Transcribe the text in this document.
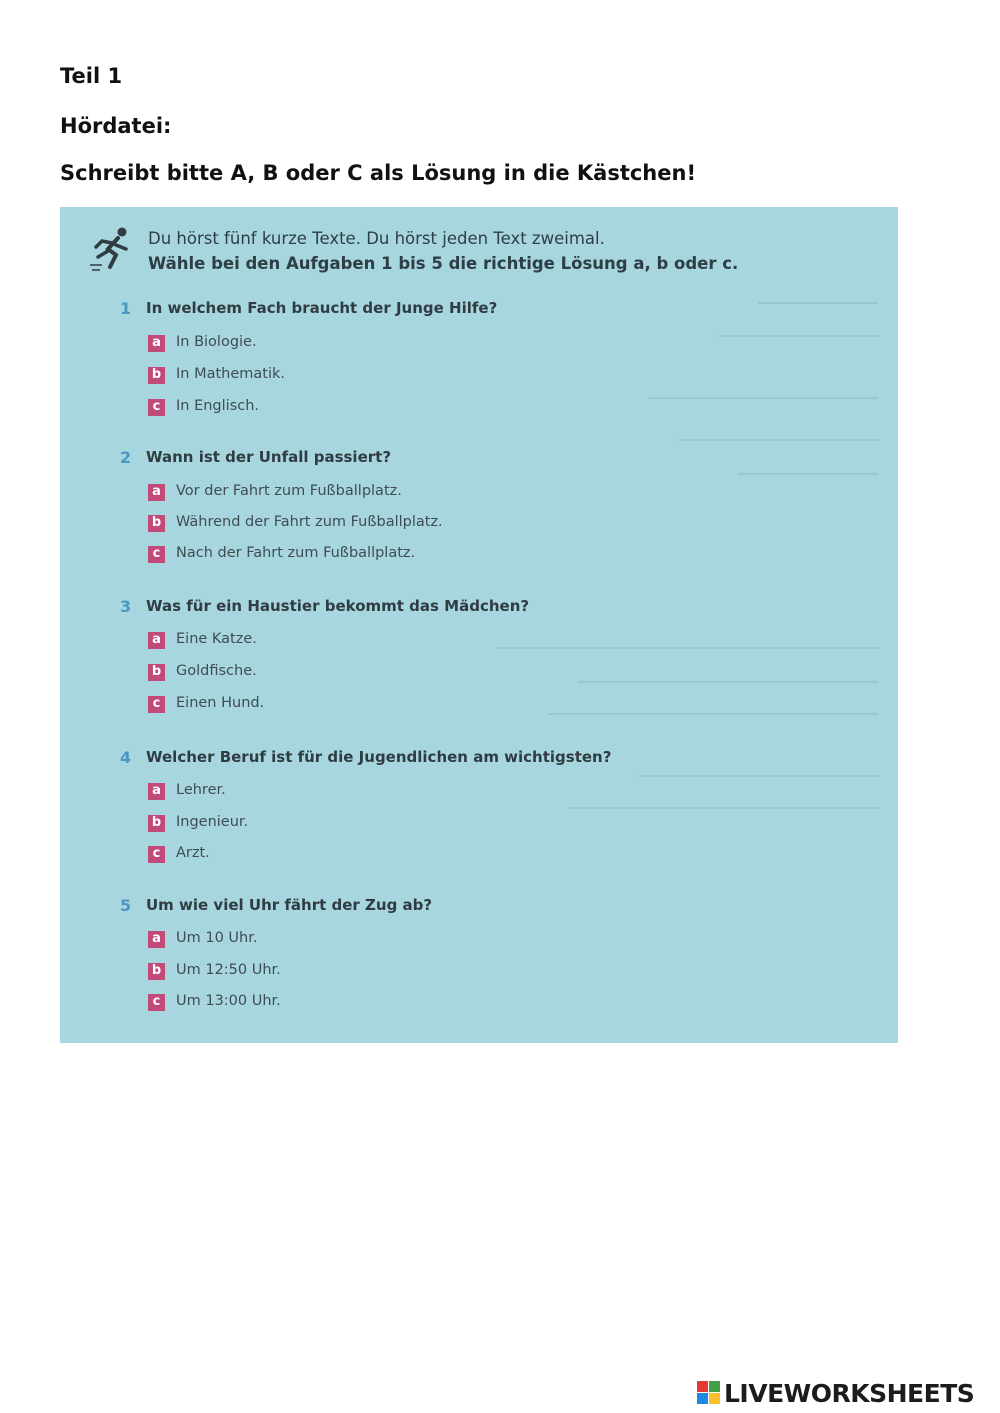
Teil 1
Hördatei:
Schreibt bitte A, B oder C als Lösung in die Kästchen!
Du hörst fünf kurze Texte. Du hörst jeden Text zweimal.
Wähle bei den Aufgaben 1 bis 5 die richtige Lösung a, b oder c.
1 In welchem Fach braucht der Junge Hilfe?
a In Biologie.
b In Mathematik.
c	In Englisch.
2 Wann ist der Unfall passiert?
a Vor der Fahrt zum Fußballplatz.
b Während der Fahrt zum Fußballplatz.
c	Nach der Fahrt zum Fußballplatz.
3 Was für ein Haustier bekommt das Mädchen?
a Eine Katze.
b Goldfische.
c	Einen Hund.
4 Welcher Beruf ist für die Jugendlichen am wichtigsten?
a Lehrer.
b Ingenieur.
c	Arzt.
5 Um wie viel Uhr fährt der Zug ab?
a Um 10 Uhr.
b Um 12:50 Uhr.
c	Um 13:00 Uhr.
LIVEWORKSHEETS
